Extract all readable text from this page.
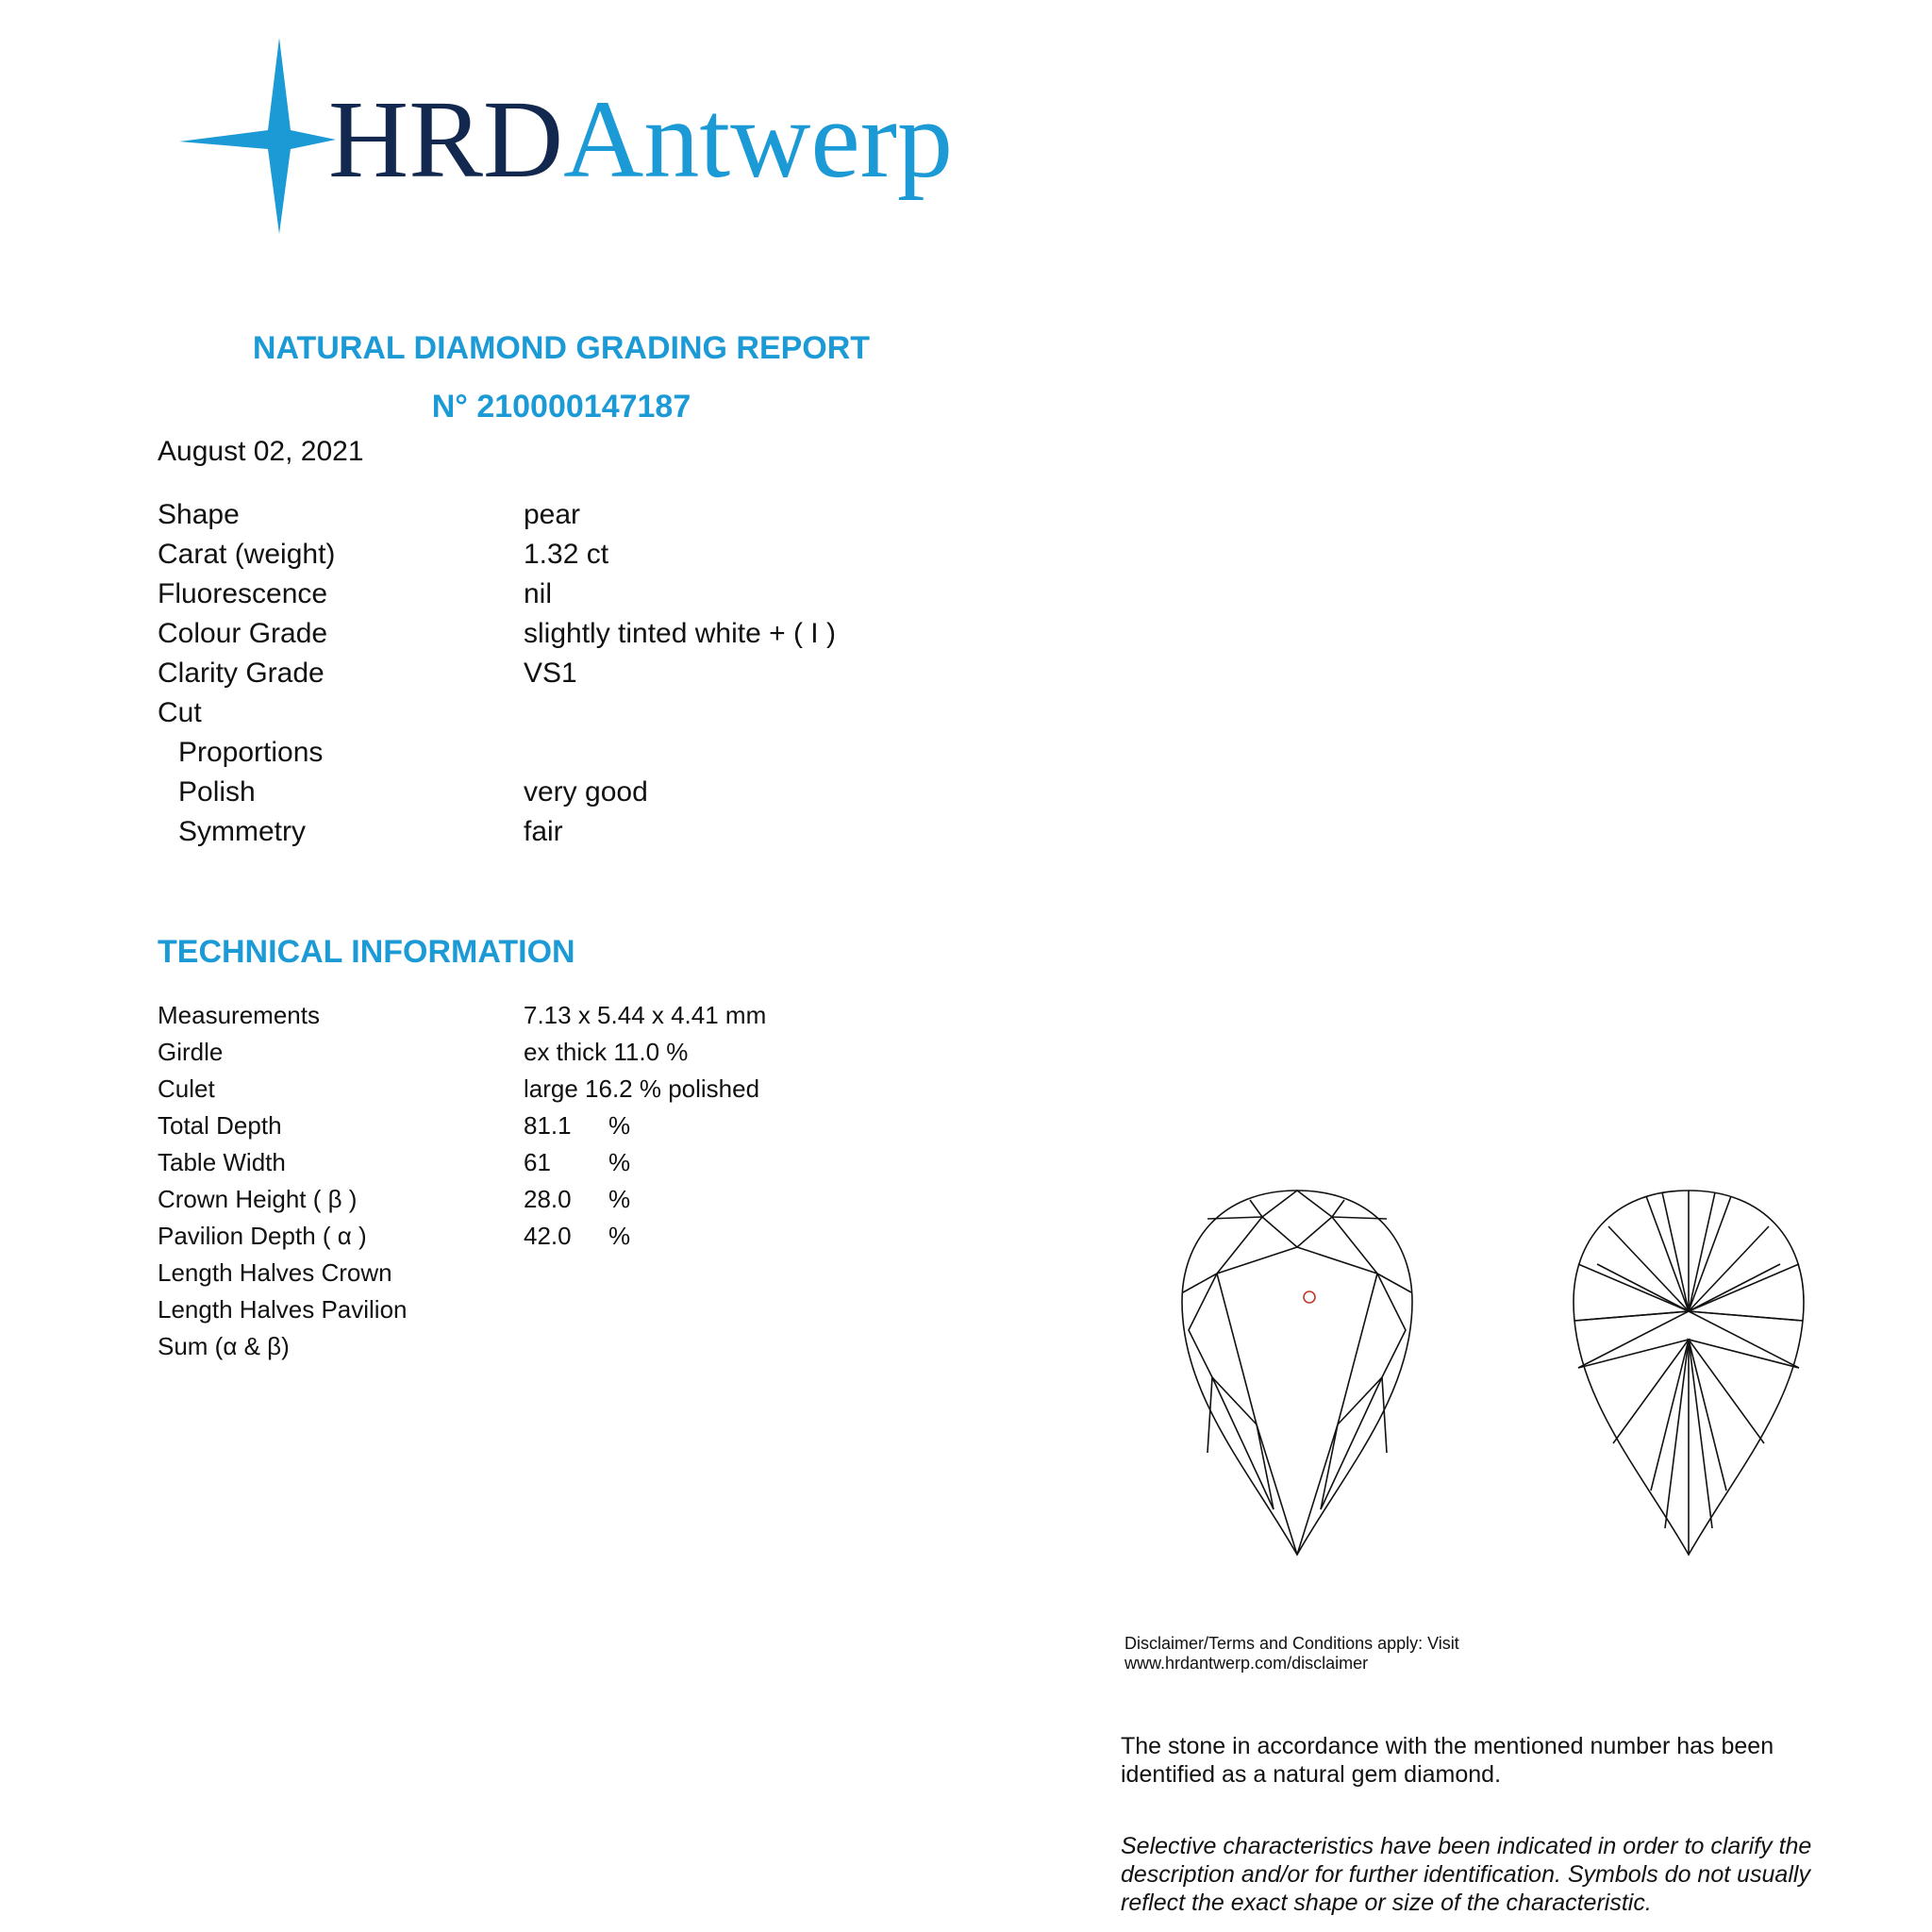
HRDAntwerp
NATURAL DIAMOND GRADING REPORT
N° 210000147187
August 02, 2021
Shape	pear
Carat (weight)	1.32 ct
Fluorescence	nil
Colour Grade	slightly tinted white + ( I )
Clarity Grade	VS1
Cut
Proportions
Polish	very good
Symmetry	fair
TECHNICAL INFORMATION
Measurements	7.13 x 5.44 x 4.41 mm
Girdle	ex thick 11.0 %
Culet	large 16.2 % polished
Total Depth	81.1 %
Table Width	61 %
Crown Height ( β )	28.0 %
Pavilion Depth ( α )	42.0 %
Length Halves Crown
Length Halves Pavilion
Sum (α & β)
Disclaimer/Terms and Conditions apply: Visit
www.hrdantwerp.com/disclaimer
The stone in accordance with the mentioned number has been identified as a natural gem diamond.
Selective characteristics have been indicated in order to clarify the description and/or for further identification. Symbols do not usually reflect the exact shape or size of the characteristic.
